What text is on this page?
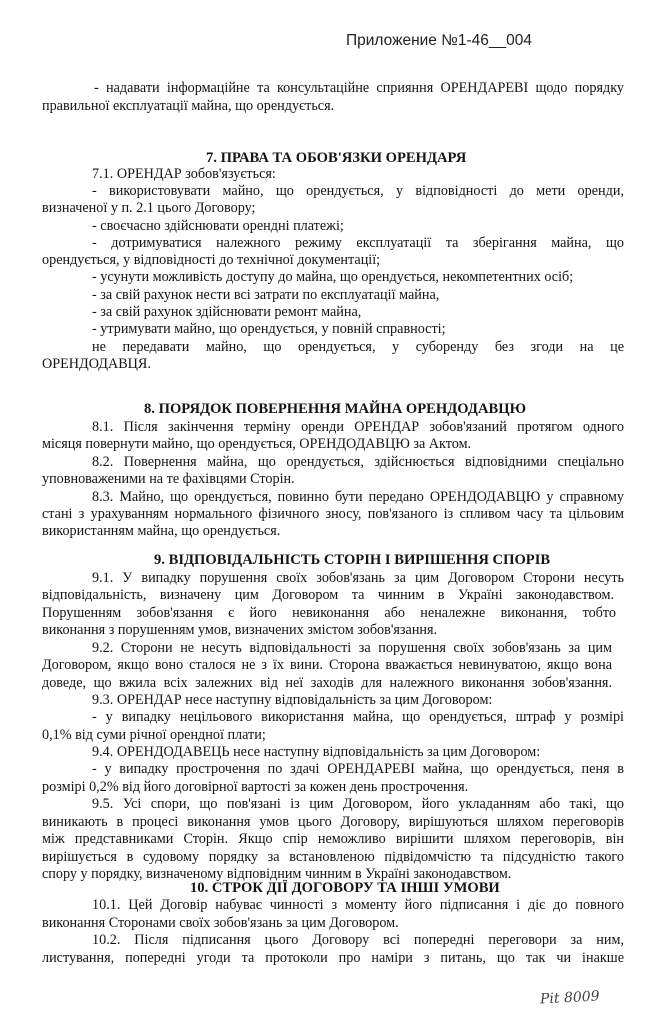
Приложение №1-46__004
- надавати інформаційне та консультаційне сприяння ОРЕНДАРЕВІ щодо порядку
правильної експлуатації майна, що орендується.
7. ПРАВА ТА ОБОВ'ЯЗКИ ОРЕНДАРЯ
7.1. ОРЕНДАР зобов'язується:
- використовувати майно, що орендується, у відповідності до мети оренди,
визначеної у п. 2.1 цього Договору;
- своєчасно здійснювати орендні платежі;
- дотримуватися належного режиму експлуатації та зберігання майна, що
орендується, у відповідності до технічної документації;
- усунути можливість доступу до майна, що орендується, некомпетентних осіб;
- за свій рахунок нести всі затрати по експлуатації майна,
- за свій рахунок здійснювати ремонт майна,
- утримувати майно, що орендується, у повній справності;
не передавати майно, що орендується, у суборенду без згоди на це
ОРЕНДОДАВЦЯ.
8. ПОРЯДОК ПОВЕРНЕННЯ МАЙНА ОРЕНДОДАВЦЮ
8.1. Після закінчення терміну оренди ОРЕНДАР зобов'язаний протягом одного
місяця повернути майно, що орендується, ОРЕНДОДАВЦЮ за Актом.
8.2. Повернення майна, що орендується, здійснюється відповідними спеціально
уповноваженими на те фахівцями Сторін.
8.3. Майно, що орендується, повинно бути передано ОРЕНДОДАВЦЮ у справному
стані з урахуванням нормального фізичного зносу, пов'язаного із спливом часу та цільовим
використанням майна, що орендується.
9. ВІДПОВІДАЛЬНІСТЬ СТОРІН І ВИРІШЕННЯ СПОРІВ
9.1. У випадку порушення своїх зобов'язань за цим Договором Сторони несуть
відповідальність, визначену цим Договором та чинним в Україні законодавством.
Порушенням зобов'язання є його невиконання або неналежне виконання, тобто
виконання з порушенням умов, визначених змістом зобов'язання.
9.2. Сторони не несуть відповідальності за порушення своїх зобов'язань за цим
Договором, якщо воно сталося не з їх вини. Сторона вважається невинуватою, якщо вона
доведе, що вжила всіх залежних від неї заходів для належного виконання зобов'язання.
9.3. ОРЕНДАР несе наступну відповідальність за цим Договором:
- у випадку нецільового використання майна, що орендується, штраф у розмірі
0,1% від суми річної орендної плати;
9.4. ОРЕНДОДАВЕЦЬ несе наступну відповідальність за цим Договором:
- у випадку прострочення по здачі ОРЕНДАРЕВІ майна, що орендується, пеня в
розмірі 0,2% від його договірної вартості за кожен день прострочення.
9.5. Усі спори, що пов'язані із цим Договором, його укладанням або такі, що
виникають в процесі виконання умов цього Договору, вирішуються шляхом переговорів
між представниками Сторін. Якщо спір неможливо вирішити шляхом переговорів, він
вирішується в судовому порядку за встановленою підвідомчістю та підсудністю такого
спору у порядку, визначеному відповідним чинним в Україні законодавством.
10. СТРОК ДІЇ ДОГОВОРУ ТА ІНШІ УМОВИ
10.1. Цей Договір набуває чинності з моменту його підписання і діє до повного
виконання Сторонами своїх зобов'язань за цим Договором.
10.2. Після підписання цього Договору всі попередні переговори за ним,
листування, попередні угоди та протоколи про наміри з питань, що так чи інакше
Pit 8009
